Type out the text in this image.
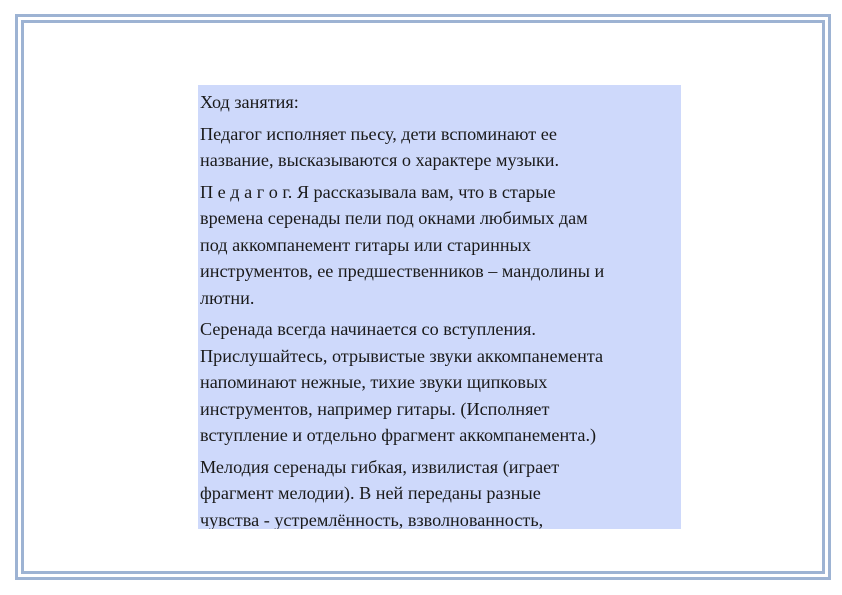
Ход занятия:

Педагог исполняет пьесу, дети вспоминают ее
название, высказываются о характере музыки.

П е д а г о г. Я рассказывала вам, что в старые
времена серенады пели под окнами любимых дам
под аккомпанемент гитары или старинных
инструментов, ее предшественников – мандолины и
лютни.

Серенада всегда начинается со вступления.
Прислушайтесь, отрывистые звуки аккомпанемента
напоминают нежные, тихие звуки щипковых
инструментов, например гитары. (Исполняет
вступление и отдельно фрагмент аккомпанемента.)

Мелодия серенады гибкая, извилистая (играет
фрагмент мелодии). В ней переданы разные
чувства - устремлённость, взволнованность,
